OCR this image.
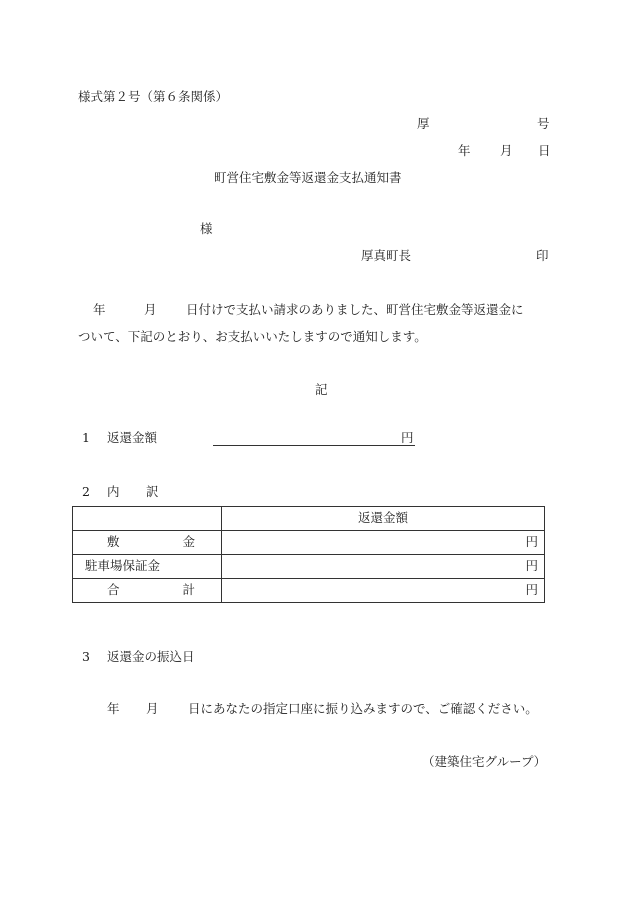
様式第２号（第６条関係）
厚	号
年 月 日
町営住宅敷金等返還金支払通知書
様
厚真町長	印
年	月 日付けで支払い請求のありました、町営住宅敷金等返還金に
ついて、下記のとおり、お支払いいたしますので通知します。
記
1 返還金額	円
2 内 訳
	返還金額

敷 金	円

駐車場保証金	円

合 計	円
3 返還金の振込日
年 月 日にあなたの指定口座に振り込みますので、ご確認ください。
（建築住宅グループ）
